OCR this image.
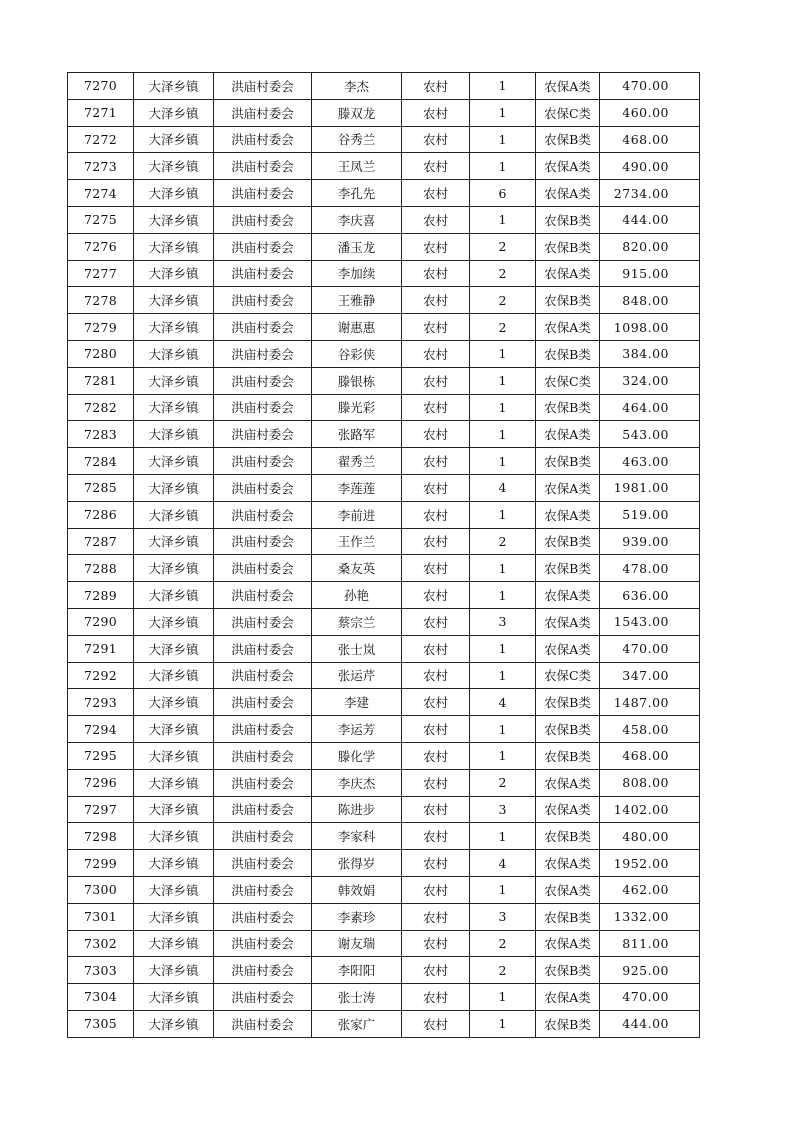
7270	大泽乡镇	洪庙村委会	李杰	农村	1	农保A类	470.00
7271	大泽乡镇	洪庙村委会	滕双龙	农村	1	农保C类	460.00
7272	大泽乡镇	洪庙村委会	谷秀兰	农村	1	农保B类	468.00
7273	大泽乡镇	洪庙村委会	王凤兰	农村	1	农保A类	490.00
7274	大泽乡镇	洪庙村委会	李孔先	农村	6	农保A类	2734.00
7275	大泽乡镇	洪庙村委会	李庆喜	农村	1	农保B类	444.00
7276	大泽乡镇	洪庙村委会	潘玉龙	农村	2	农保B类	820.00
7277	大泽乡镇	洪庙村委会	李加续	农村	2	农保A类	915.00
7278	大泽乡镇	洪庙村委会	王雅静	农村	2	农保B类	848.00
7279	大泽乡镇	洪庙村委会	谢惠惠	农村	2	农保A类	1098.00
7280	大泽乡镇	洪庙村委会	谷彩侠	农村	1	农保B类	384.00
7281	大泽乡镇	洪庙村委会	滕银栋	农村	1	农保C类	324.00
7282	大泽乡镇	洪庙村委会	滕光彩	农村	1	农保B类	464.00
7283	大泽乡镇	洪庙村委会	张路军	农村	1	农保A类	543.00
7284	大泽乡镇	洪庙村委会	翟秀兰	农村	1	农保B类	463.00
7285	大泽乡镇	洪庙村委会	李莲莲	农村	4	农保A类	1981.00
7286	大泽乡镇	洪庙村委会	李前进	农村	1	农保A类	519.00
7287	大泽乡镇	洪庙村委会	王作兰	农村	2	农保B类	939.00
7288	大泽乡镇	洪庙村委会	桑友英	农村	1	农保B类	478.00
7289	大泽乡镇	洪庙村委会	孙艳	农村	1	农保A类	636.00
7290	大泽乡镇	洪庙村委会	蔡宗兰	农村	3	农保A类	1543.00
7291	大泽乡镇	洪庙村委会	张士岚	农村	1	农保A类	470.00
7292	大泽乡镇	洪庙村委会	张运芹	农村	1	农保C类	347.00
7293	大泽乡镇	洪庙村委会	李建	农村	4	农保B类	1487.00
7294	大泽乡镇	洪庙村委会	李运芳	农村	1	农保B类	458.00
7295	大泽乡镇	洪庙村委会	滕化学	农村	1	农保B类	468.00
7296	大泽乡镇	洪庙村委会	李庆杰	农村	2	农保A类	808.00
7297	大泽乡镇	洪庙村委会	陈进步	农村	3	农保A类	1402.00
7298	大泽乡镇	洪庙村委会	李家科	农村	1	农保B类	480.00
7299	大泽乡镇	洪庙村委会	张得岁	农村	4	农保A类	1952.00
7300	大泽乡镇	洪庙村委会	韩效娟	农村	1	农保A类	462.00
7301	大泽乡镇	洪庙村委会	李素珍	农村	3	农保B类	1332.00
7302	大泽乡镇	洪庙村委会	谢友瑞	农村	2	农保A类	811.00
7303	大泽乡镇	洪庙村委会	李阳阳	农村	2	农保B类	925.00
7304	大泽乡镇	洪庙村委会	张士涛	农村	1	农保A类	470.00
7305	大泽乡镇	洪庙村委会	张家广	农村	1	农保B类	444.00
